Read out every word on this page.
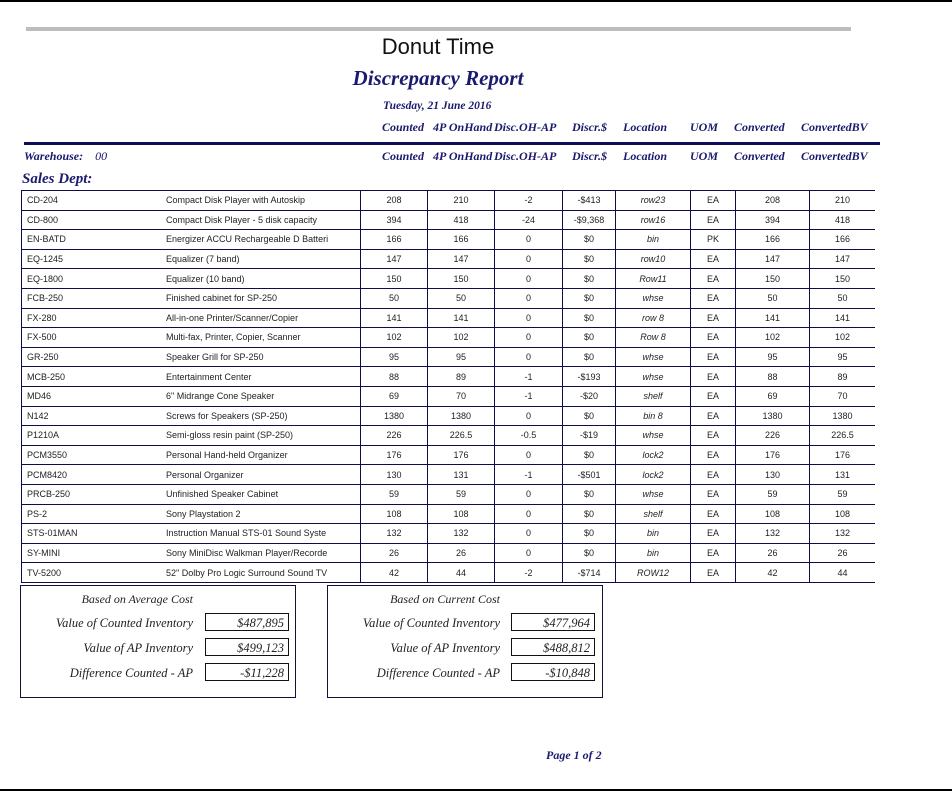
Donut Time
Discrepancy Report
Tuesday, 21 June 2016
Counted 4P OnHand Disc.OH-AP Discr.$ Location UOM Converted ConvertedBV
Warehouse: 00	Counted 4P OnHand Disc.OH-AP Discr.$ Location UOM Converted ConvertedBV
Sales Dept:
CD-204	Compact Disk Player with Autoskip	208	210	-2	-$413	row23	EA	208	210
CD-800	Compact Disk Player - 5 disk capacity	394	418	-24	-$9,368	row16	EA	394	418
EN-BATD	Energizer ACCU Rechargeable D Batteri	166	166	0	$0	bin	PK	166	166
EQ-1245	Equalizer (7 band)	147	147	0	$0	row10	EA	147	147
EQ-1800	Equalizer (10 band)	150	150	0	$0	Row11	EA	150	150
FCB-250	Finished cabinet for SP-250	50	50	0	$0	whse	EA	50	50
FX-280	All-in-one Printer/Scanner/Copier	141	141	0	$0	row 8	EA	141	141
FX-500	Multi-fax, Printer, Copier, Scanner	102	102	0	$0	Row 8	EA	102	102
GR-250	Speaker Grill for SP-250	95	95	0	$0	whse	EA	95	95
MCB-250	Entertainment Center	88	89	-1	-$193	whse	EA	88	89
MD46	6" Midrange Cone Speaker	69	70	-1	-$20	shelf	EA	69	70
N142	Screws for Speakers (SP-250)	1380	1380	0	$0	bin 8	EA	1380	1380
P1210A	Semi-gloss resin paint (SP-250)	226	226.5	-0.5	-$19	whse	EA	226	226.5
PCM3550	Personal Hand-held Organizer	176	176	0	$0	lock2	EA	176	176
PCM8420	Personal Organizer	130	131	-1	-$501	lock2	EA	130	131
PRCB-250	Unfinished Speaker Cabinet	59	59	0	$0	whse	EA	59	59
PS-2	Sony Playstation 2	108	108	0	$0	shelf	EA	108	108
STS-01MAN	Instruction Manual STS-01 Sound Syste	132	132	0	$0	bin	EA	132	132
SY-MINI	Sony MiniDisc Walkman Player/Recorde	26	26	0	$0	bin	EA	26	26
TV-5200	52" Dolby Pro Logic Surround Sound TV	42	44	-2	-$714	ROW12	EA	42	44
Based on Average Cost
Value of Counted Inventory	$487,895
Value of AP Inventory	$499,123
Difference Counted - AP	-$11,228
Based on Current Cost
Value of Counted Inventory	$477,964
Value of AP Inventory	$488,812
Difference Counted - AP	-$10,848
Page 1 of 2
